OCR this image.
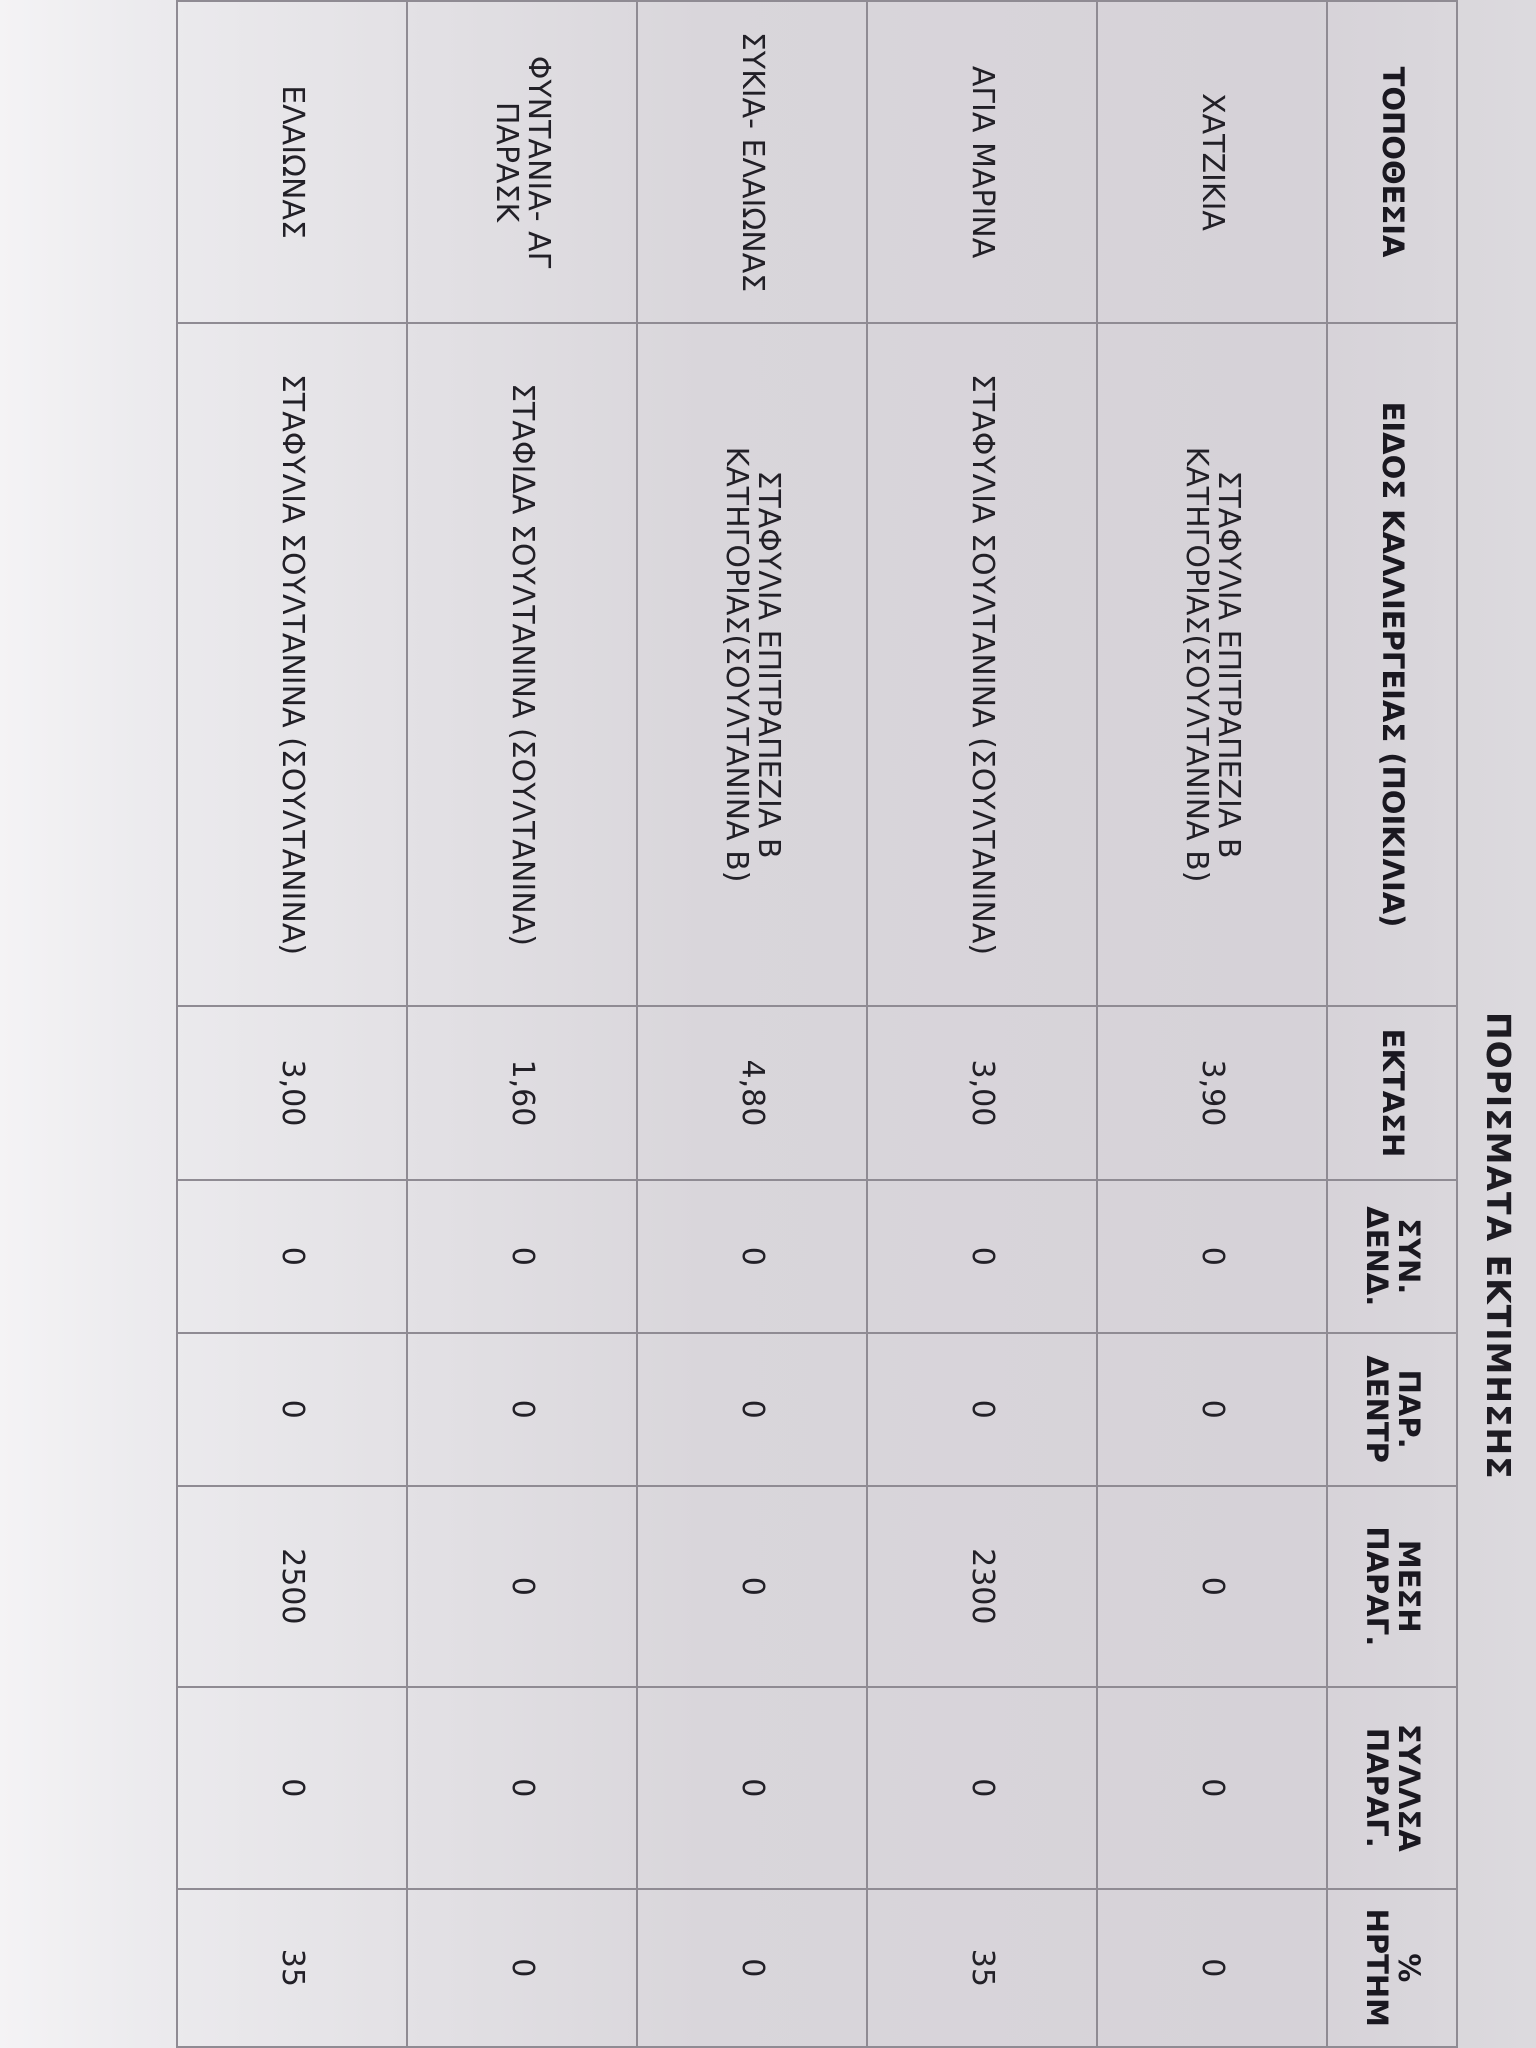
ΠΟΡΙΣΜΑΤΑ ΕΚΤΙΜΗΣΗΣ
ΤΟΠΟΘΕΣΙΑ	ΕΙΔΟΣ ΚΑΛΛΙΕΡΓΕΙΑΣ (ΠΟΙΚΙΛΙΑ)	ΕΚΤΑΣΗ	ΣΥΝ. ΔΕΝΔ.	ΠΑΡ. ΔΕΝΤΡ	ΜΕΣΗ ΠΑΡΑΓ.	ΣΥΛΛΣΑ ΠΑΡΑΓ.	% ΗΡΤΗΜ
ΧΑΤΖΙΚΙΑ	ΣΤΑΦΥΛΙΑ ΕΠΙΤΡΑΠΕΖΙΑ Β ΚΑΤΗΓΟΡΙΑΣ(ΣΟΥΛΤΑΝΙΝΑ Β)	3,90	0	0	0	0	0
ΑΓΙΑ ΜΑΡΙΝΑ	ΣΤΑΦΥΛΙΑ ΣΟΥΛΤΑΝΙΝΑ (ΣΟΥΛΤΑΝΙΝΑ)	3,00	0	0	2300	0	35
ΣΥΚΙΑ- ΕΛΑΙΩΝΑΣ	ΣΤΑΦΥΛΙΑ ΕΠΙΤΡΑΠΕΖΙΑ Β ΚΑΤΗΓΟΡΙΑΣ(ΣΟΥΛΤΑΝΙΝΑ Β)	4,80	0	0	0	0	0
ΦΥΝΤΑΝΙΑ- ΑΓ ΠΑΡΑΣΚ	ΣΤΑΦΙΔΑ ΣΟΥΛΤΑΝΙΝΑ (ΣΟΥΛΤΑΝΙΝΑ)	1,60	0	0	0	0	0
ΕΛΑΙΩΝΑΣ	ΣΤΑΦΥΛΙΑ ΣΟΥΛΤΑΝΙΝΑ (ΣΟΥΛΤΑΝΙΝΑ)	3,00	0	0	2500	0	35
